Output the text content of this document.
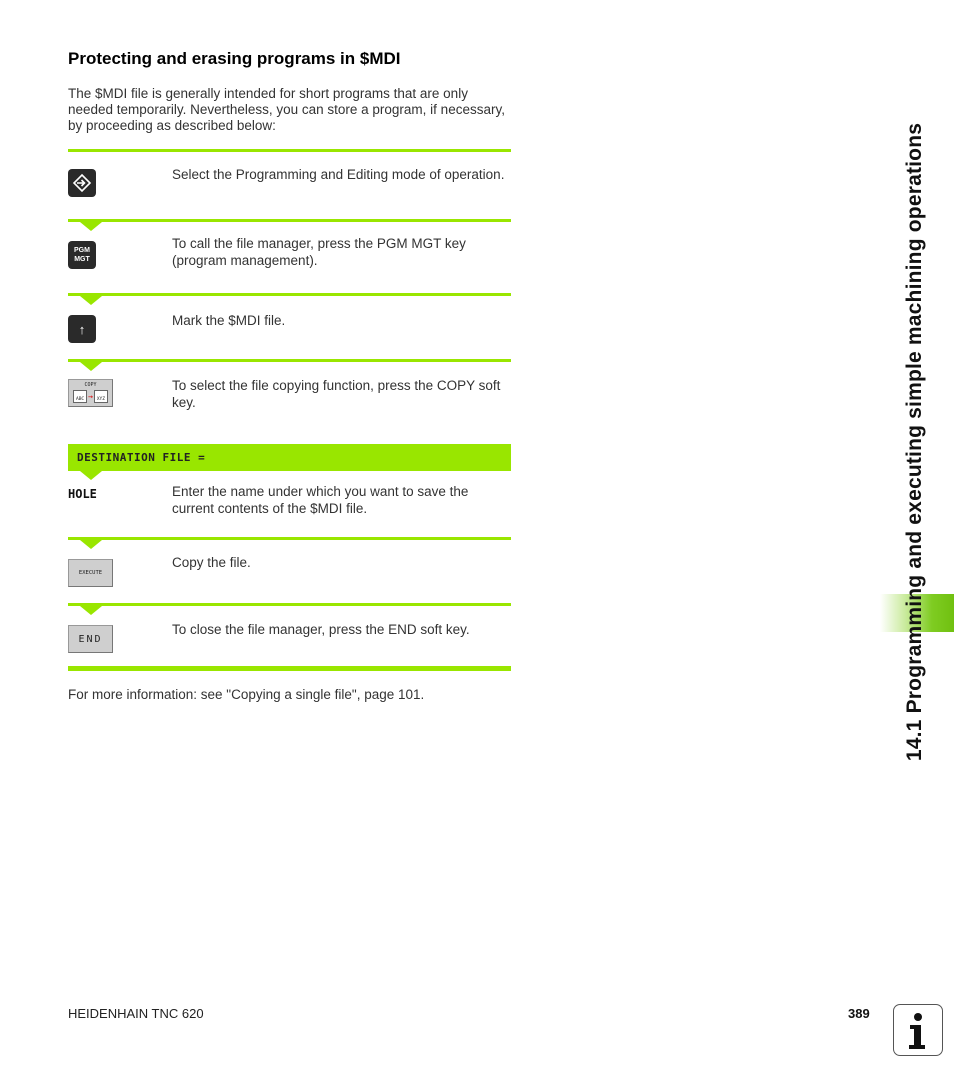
Protecting and erasing programs in $MDI
The $MDI file is generally intended for short programs that are only needed temporarily. Nevertheless, you can store a program, if necessary, by proceeding as described below:
Select the Programming and Editing mode of operation.
PGM
MGT
To call the file manager, press the PGM MGT key (program management).
↑
Mark the $MDI file.
COPY
ABC → XYZ
To select the file copying function, press the COPY soft key.
DESTINATION FILE =
HOLE	Enter the name under which you want to save the current contents of the $MDI file.
EXECUTE
Copy the file.
END
To close the file manager, press the END soft key.
For more information: see "Copying a single file", page 101.	14.1 Programming and executing simple machining operations
HEIDENHAIN TNC 620	389
